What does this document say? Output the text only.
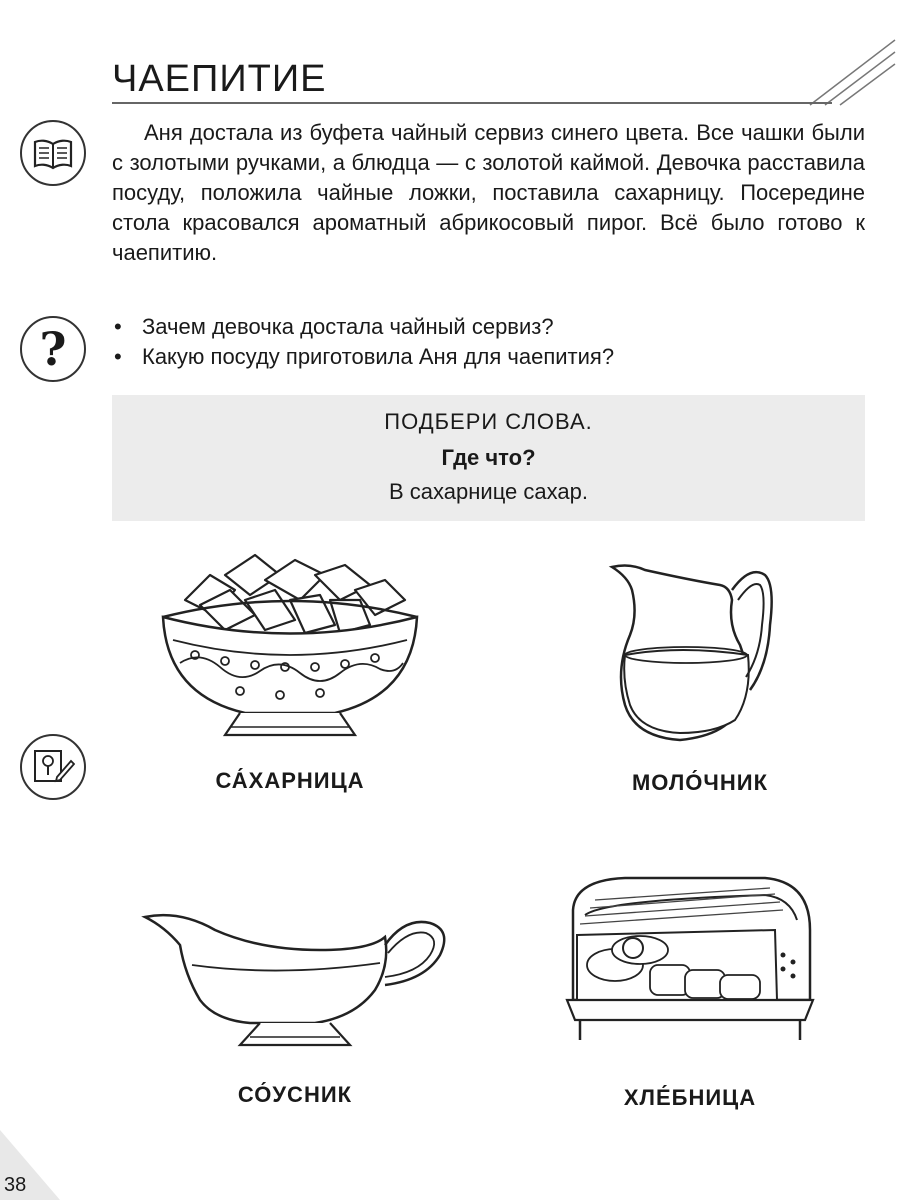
ЧАЕПИТИЕ

Аня достала из буфета чайный сервиз синего цвета. Все чашки были с золотыми ручками, а блюдца — с золотой каймой. Девочка расставила посуду, положила чайные ложки, поставила сахарницу. Посередине стола красовался ароматный абрикосовый пирог. Всё было готово к чаепитию.

?
•	Зачем девочка достала чайный сервиз?
• Какую посуду приготовила Аня для чаепития?

ПОДБЕРИ СЛОВА.

Где что?

В сахарнице сахар.

СА́ХАРНИЦА	МОЛО́ЧНИК
СО́УСНИК	ХЛЕ́БНИЦА
38
